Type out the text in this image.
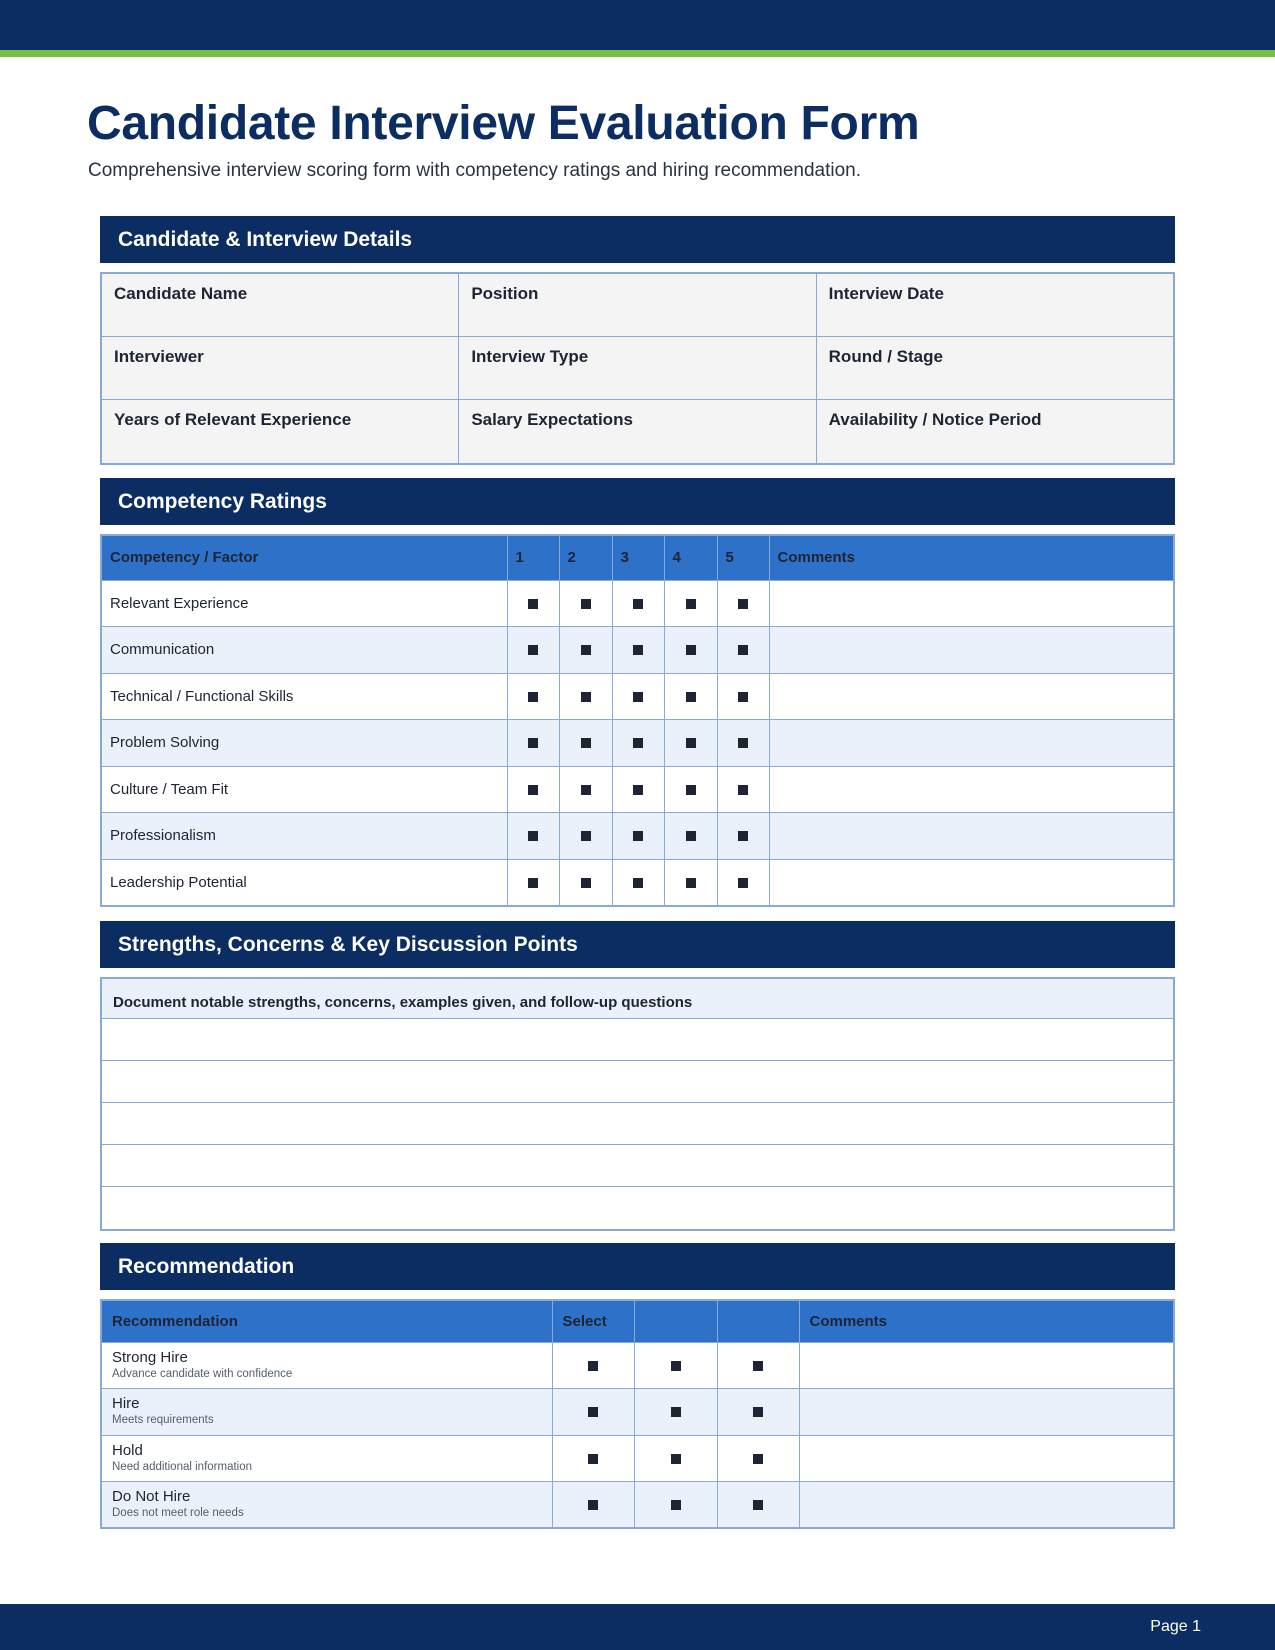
Candidate Interview Evaluation Form

Comprehensive interview scoring form with competency ratings and hiring recommendation.

Candidate & Interview Details
Candidate Name	Position	Interview Date
Interviewer	Interview Type	Round / Stage
Years of Relevant Experience	Salary Expectations	Availability / Notice Period
Competency Ratings
Competency / Factor	1	2	3	4	5	Comments
Relevant Experience						
Communication						
Technical / Functional Skills						
Problem Solving						
Culture / Team Fit						
Professionalism						
Leadership Potential						
Strengths, Concerns & Key Discussion Points
Document notable strengths, concerns, examples given, and follow-up questions
Recommendation
Recommendation	Select			Comments

Strong Hire
Advance candidate with confidence				

Hire
Meets requirements				

Hold
Need additional information				

Do Not Hire
Does not meet role needs				

Page 1
